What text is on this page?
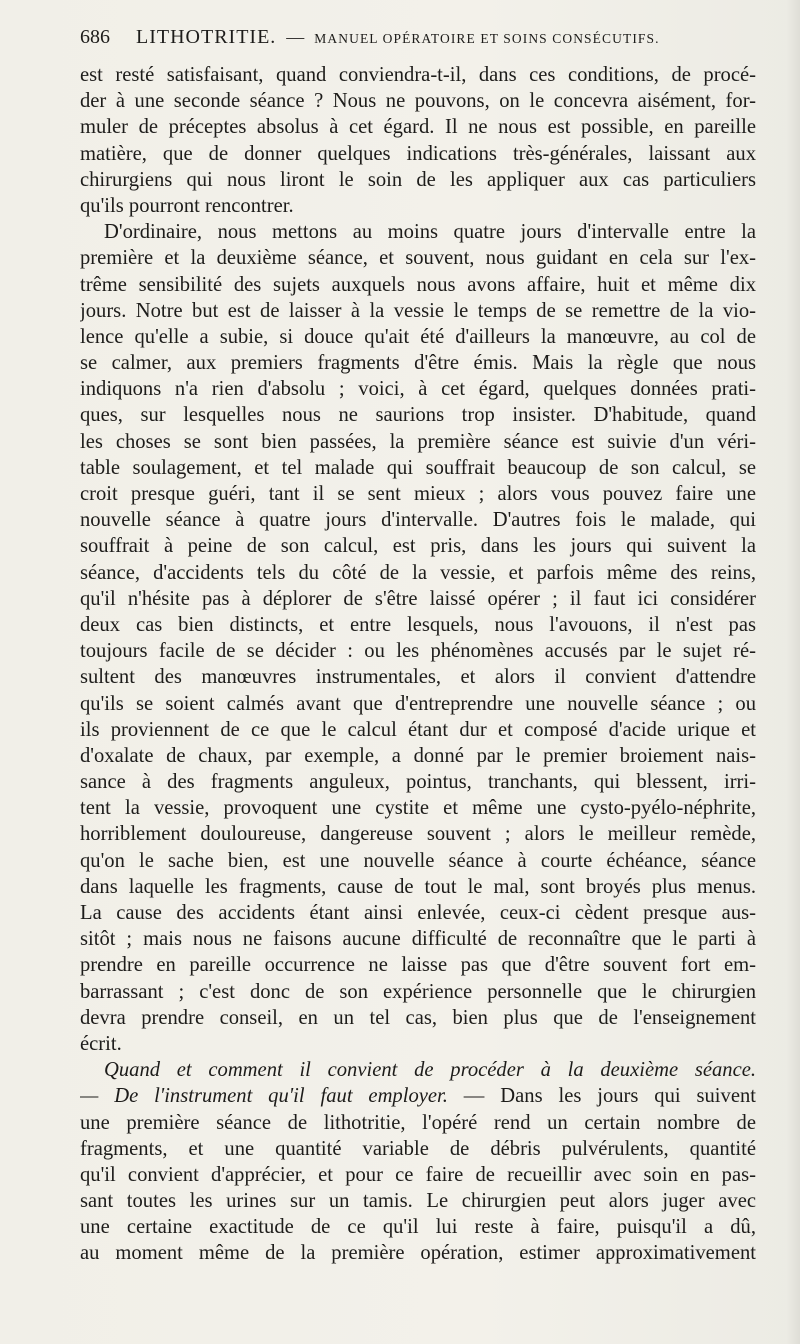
686 LITHOTRITIE. — MANUEL OPÉRATOIRE ET SOINS CONSÉCUTIFS.
est resté satisfaisant, quand conviendra-t-il, dans ces conditions, de procé-
der à une seconde séance ? Nous ne pouvons, on le concevra aisément, for-
muler de préceptes absolus à cet égard. Il ne nous est possible, en pareille
matière, que de donner quelques indications très-générales, laissant aux
chirurgiens qui nous liront le soin de les appliquer aux cas particuliers
qu'ils pourront rencontrer.
D'ordinaire, nous mettons au moins quatre jours d'intervalle entre la
première et la deuxième séance, et souvent, nous guidant en cela sur l'ex-
trême sensibilité des sujets auxquels nous avons affaire, huit et même dix
jours. Notre but est de laisser à la vessie le temps de se remettre de la vio-
lence qu'elle a subie, si douce qu'ait été d'ailleurs la manœuvre, au col de
se calmer, aux premiers fragments d'être émis. Mais la règle que nous
indiquons n'a rien d'absolu ; voici, à cet égard, quelques données prati-
ques, sur lesquelles nous ne saurions trop insister. D'habitude, quand
les choses se sont bien passées, la première séance est suivie d'un véri-
table soulagement, et tel malade qui souffrait beaucoup de son calcul, se
croit presque guéri, tant il se sent mieux ; alors vous pouvez faire une
nouvelle séance à quatre jours d'intervalle. D'autres fois le malade, qui
souffrait à peine de son calcul, est pris, dans les jours qui suivent la
séance, d'accidents tels du côté de la vessie, et parfois même des reins,
qu'il n'hésite pas à déplorer de s'être laissé opérer ; il faut ici considérer
deux cas bien distincts, et entre lesquels, nous l'avouons, il n'est pas
toujours facile de se décider : ou les phénomènes accusés par le sujet ré-
sultent des manœuvres instrumentales, et alors il convient d'attendre
qu'ils se soient calmés avant que d'entreprendre une nouvelle séance ; ou
ils proviennent de ce que le calcul étant dur et composé d'acide urique et
d'oxalate de chaux, par exemple, a donné par le premier broiement nais-
sance à des fragments anguleux, pointus, tranchants, qui blessent, irri-
tent la vessie, provoquent une cystite et même une cysto-pyélo-néphrite,
horriblement douloureuse, dangereuse souvent ; alors le meilleur remède,
qu'on le sache bien, est une nouvelle séance à courte échéance, séance
dans laquelle les fragments, cause de tout le mal, sont broyés plus menus.
La cause des accidents étant ainsi enlevée, ceux-ci cèdent presque aus-
sitôt ; mais nous ne faisons aucune difficulté de reconnaître que le parti à
prendre en pareille occurrence ne laisse pas que d'être souvent fort em-
barrassant ; c'est donc de son expérience personnelle que le chirurgien
devra prendre conseil, en un tel cas, bien plus que de l'enseignement
écrit.
Quand et comment il convient de procéder à la deuxième séance.
— De l'instrument qu'il faut employer. — Dans les jours qui suivent
une première séance de lithotritie, l'opéré rend un certain nombre de
fragments, et une quantité variable de débris pulvérulents, quantité
qu'il convient d'apprécier, et pour ce faire de recueillir avec soin en pas-
sant toutes les urines sur un tamis. Le chirurgien peut alors juger avec
une certaine exactitude de ce qu'il lui reste à faire, puisqu'il a dû,
au moment même de la première opération, estimer approximativement
